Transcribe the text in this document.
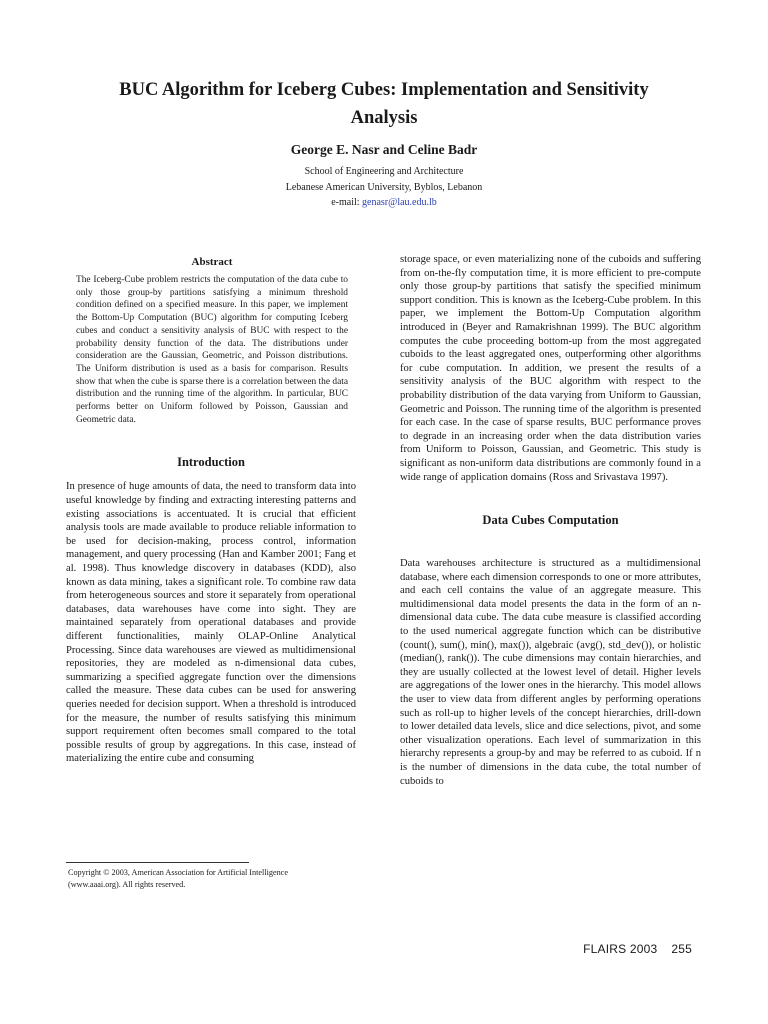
BUC Algorithm for Iceberg Cubes: Implementation and Sensitivity
Analysis
George E. Nasr and Celine Badr
School of Engineering and Architecture
Lebanese American University, Byblos, Lebanon
e-mail: genasr@lau.edu.lb
Abstract

The Iceberg-Cube problem restricts the computation of the data cube to only those group-by partitions satisfying a minimum threshold condition defined on a specified measure. In this paper, we implement the Bottom-Up Computation (BUC) algorithm for computing Iceberg cubes and conduct a sensitivity analysis of BUC with respect to the probability density function of the data. The distributions under consideration are the Gaussian, Geometric, and Poisson distributions. The Uniform distribution is used as a basis for comparison. Results show that when the cube is sparse there is a correlation between the data distribution and the running time of the algorithm. In particular, BUC performs better on Uniform followed by Poisson, Gaussian and Geometric data.

Introduction

In presence of huge amounts of data, the need to transform data into useful knowledge by finding and extracting interesting patterns and existing associations is accentuated. It is crucial that efficient analysis tools are made available to produce reliable information to be used for decision-making, process control, information management, and query processing (Han and Kamber 2001; Fang et al. 1998). Thus knowledge discovery in databases (KDD), also known as data mining, takes a significant role. To combine raw data from heterogeneous sources and store it separately from operational databases, data warehouses have come into sight. They are maintained separately from operational databases and provide different functionalities, mainly OLAP-Online Analytical Processing. Since data warehouses are viewed as multidimensional repositories, they are modeled as n-dimensional data cubes, summarizing a specified aggregate function over the dimensions called the measure. These data cubes can be used for answering queries needed for decision support. When a threshold is introduced for the measure, the number of results satisfying this minimum support requirement often becomes small compared to the total possible results of group by aggregations. In this case, instead of materializing the entire cube and consuming

storage space, or even materializing none of the cuboids and suffering from on-the-fly computation time, it is more efficient to pre-compute only those group-by partitions that satisfy the specified minimum support condition. This is known as the Iceberg-Cube problem. In this paper, we implement the Bottom-Up Computation algorithm introduced in (Beyer and Ramakrishnan 1999). The BUC algorithm computes the cube proceeding bottom-up from the most aggregated cuboids to the least aggregated ones, outperforming other algorithms for cube computation. In addition, we present the results of a sensitivity analysis of the BUC algorithm with respect to the probability distribution of the data varying from Uniform to Gaussian, Geometric and Poisson. The running time of the algorithm is presented for each case. In the case of sparse results, BUC performance proves to degrade in an increasing order when the data distribution varies from Uniform to Poisson, Gaussian, and Geometric. This study is significant as non-uniform data distributions are commonly found in a wide range of application domains (Ross and Srivastava 1997).

Data Cubes Computation

Data warehouses architecture is structured as a multidimensional database, where each dimension corresponds to one or more attributes, and each cell contains the value of an aggregate measure. This multidimensional data model presents the data in the form of an n-dimensional data cube. The data cube measure is classified according to the used numerical aggregate function which can be distributive (count(), sum(), min(), max()), algebraic (avg(), std_dev()), or holistic (median(), rank()). The cube dimensions may contain hierarchies, and they are usually collected at the lowest level of detail. Higher levels are aggregations of the lower ones in the hierarchy. This model allows the user to view data from different angles by performing operations such as roll-up to higher levels of the concept hierarchies, drill-down to lower detailed data levels, slice and dice selections, pivot, and some other visualization operations. Each level of summarization in this hierarchy represents a group-by and may be referred to as cuboid. If n is the number of dimensions in the data cube, the total number of cuboids to

Copyright © 2003, American Association for Artificial Intelligence
(www.aaai.org). All rights reserved.
FLAIRS 2003 255
